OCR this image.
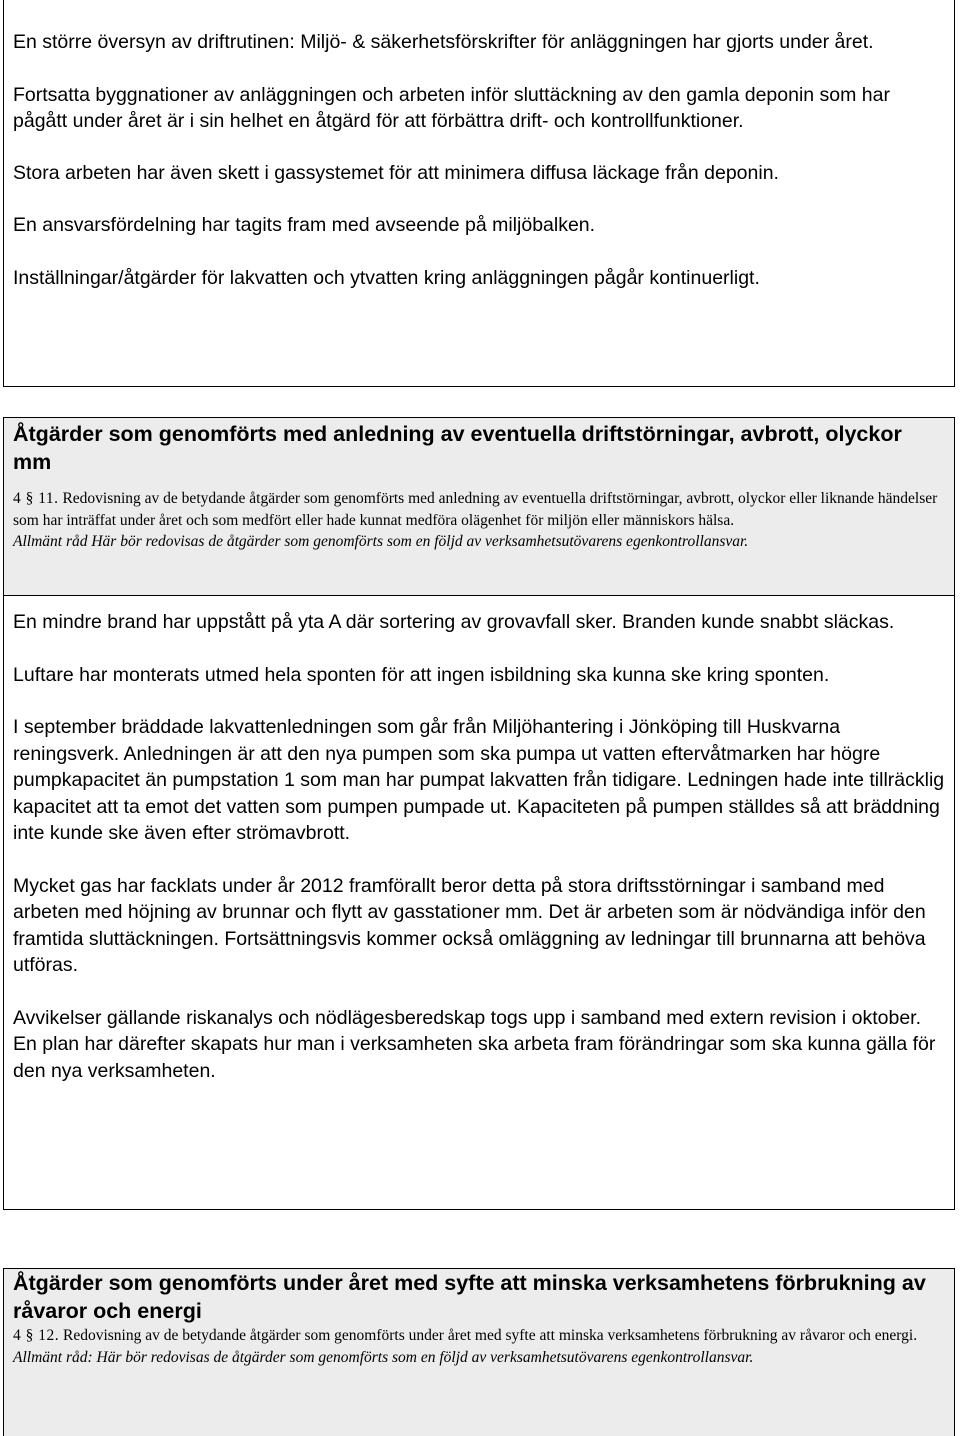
En större översyn av driftrutinen: Miljö- & säkerhetsförskrifter för anläggningen har gjorts under året.

Fortsatta byggnationer av anläggningen och arbeten inför sluttäckning av den gamla deponin som har pågått under året är i sin helhet en åtgärd för att förbättra drift- och kontrollfunktioner.

Stora arbeten har även skett i gassystemet för att minimera diffusa läckage från deponin.

En ansvarsfördelning har tagits fram med avseende på miljöbalken.

Inställningar/åtgärder för lakvatten och ytvatten kring anläggningen pågår kontinuerligt.

Åtgärder som genomförts med anledning av eventuella driftstörningar, avbrott, olyckor mm

4 § 11. Redovisning av de betydande åtgärder som genomförts med anledning av eventuella driftstörningar, avbrott, olyckor eller liknande händelser som har inträffat under året och som medfört eller hade kunnat medföra olägenhet för miljön eller människors hälsa.

Allmänt råd Här bör redovisas de åtgärder som genomförts som en följd av verksamhetsutövarens egenkontrollansvar.

En mindre brand har uppstått på yta A där sortering av grovavfall sker. Branden kunde snabbt släckas.

Luftare har monterats utmed hela sponten för att ingen isbildning ska kunna ske kring sponten.

I september bräddade lakvattenledningen som går från Miljöhantering i Jönköping till Huskvarna reningsverk. Anledningen är att den nya pumpen som ska pumpa ut vatten eftervåtmarken har högre pumpkapacitet än pumpstation 1 som man har pumpat lakvatten från tidigare. Ledningen hade inte tillräcklig kapacitet att ta emot det vatten som pumpen pumpade ut. Kapaciteten på pumpen ställdes så att bräddning inte kunde ske även efter strömavbrott.

Mycket gas har facklats under år 2012 framförallt beror detta på stora driftsstörningar i samband med arbeten med höjning av brunnar och flytt av gasstationer mm. Det är arbeten som är nödvändiga inför den framtida sluttäckningen. Fortsättningsvis kommer också omläggning av ledningar till brunnarna att behöva utföras.

Avvikelser gällande riskanalys och nödlägesberedskap togs upp i samband med extern revision i oktober. En plan har därefter skapats hur man i verksamheten ska arbeta fram förändringar som ska kunna gälla för den nya verksamheten.

Åtgärder som genomförts under året med syfte att minska verksamhetens förbrukning av råvaror och energi

4 § 12. Redovisning av de betydande åtgärder som genomförts under året med syfte att minska verksamhetens förbrukning av råvaror och energi.

Allmänt råd: Här bör redovisas de åtgärder som genomförts som en följd av verksamhetsutövarens egenkontrollansvar.
